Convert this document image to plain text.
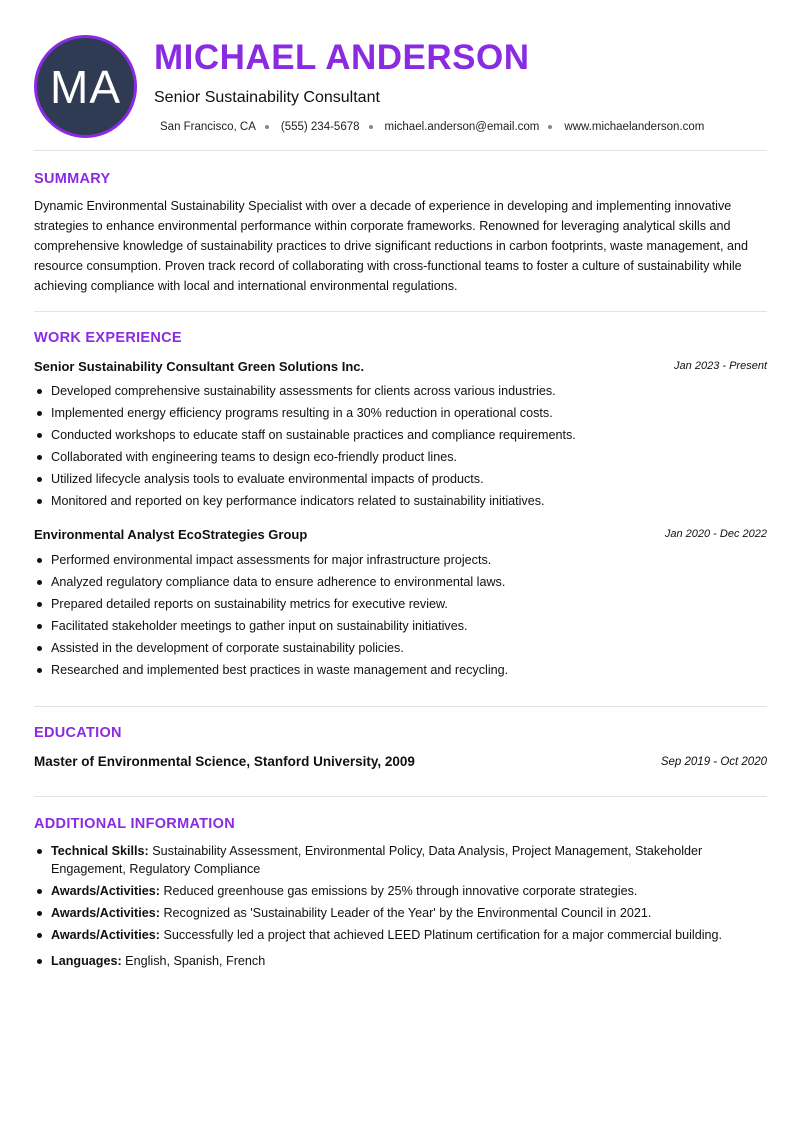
MA
MICHAEL ANDERSON
Senior Sustainability Consultant
San Francisco, CA (555) 234-5678 michael.anderson@email.com www.michaelanderson.com
SUMMARY

Dynamic Environmental Sustainability Specialist with over a decade of experience in developing and implementing innovative strategies to enhance environmental performance within corporate frameworks. Renowned for leveraging analytical skills and comprehensive knowledge of sustainability practices to drive significant reductions in carbon footprints, waste management, and resource consumption. Proven track record of collaborating with cross-functional teams to foster a culture of sustainability while achieving compliance with local and international environmental regulations.

WORK EXPERIENCE
Senior Sustainability Consultant Green Solutions Inc.	Jan 2023 - Present
Developed comprehensive sustainability assessments for clients across various industries.
Implemented energy efficiency programs resulting in a 30% reduction in operational costs.
Conducted workshops to educate staff on sustainable practices and compliance requirements.
Collaborated with engineering teams to design eco-friendly product lines.
Utilized lifecycle analysis tools to evaluate environmental impacts of products.
Monitored and reported on key performance indicators related to sustainability initiatives.
Environmental Analyst EcoStrategies Group	Jan 2020 - Dec 2022
Performed environmental impact assessments for major infrastructure projects.
Analyzed regulatory compliance data to ensure adherence to environmental laws.
Prepared detailed reports on sustainability metrics for executive review.
Facilitated stakeholder meetings to gather input on sustainability initiatives.
Assisted in the development of corporate sustainability policies.
Researched and implemented best practices in waste management and recycling.
EDUCATION
Master of Environmental Science, Stanford University, 2009	Sep 2019 - Oct 2020
ADDITIONAL INFORMATION
Technical Skills: Sustainability Assessment, Environmental Policy, Data Analysis, Project Management, Stakeholder Engagement, Regulatory Compliance
Awards/Activities: Reduced greenhouse gas emissions by 25% through innovative corporate strategies.
Awards/Activities: Recognized as 'Sustainability Leader of the Year' by the Environmental Council in 2021.
Awards/Activities: Successfully led a project that achieved LEED Platinum certification for a major commercial building.
Languages: English, Spanish, French
